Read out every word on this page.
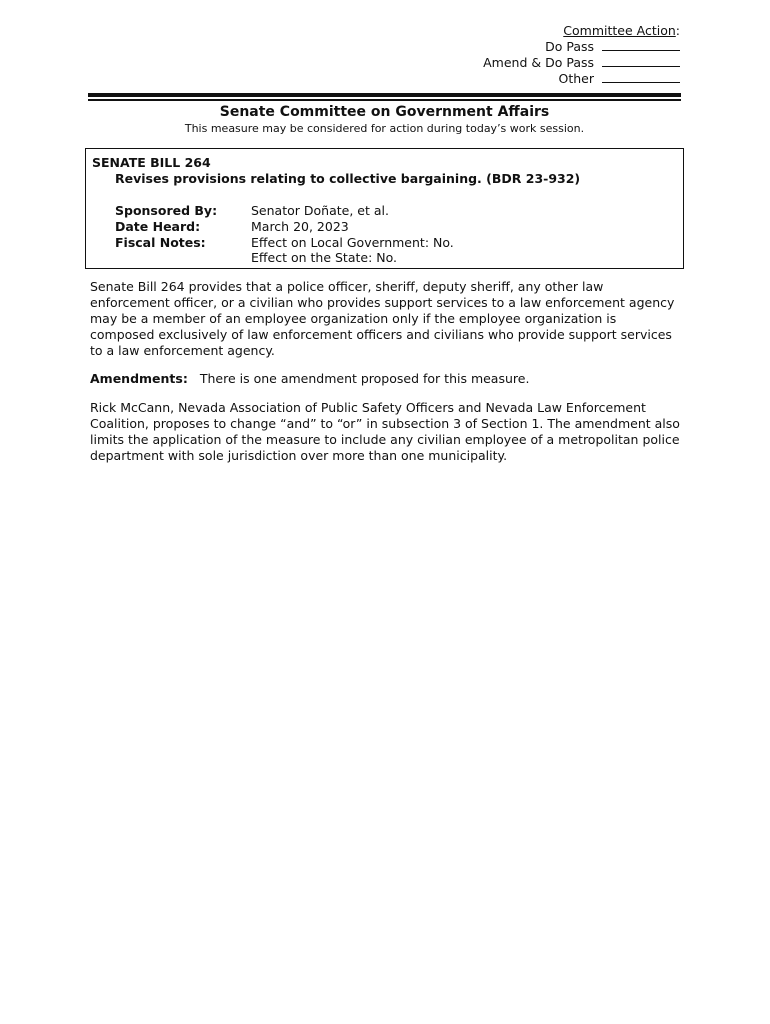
Committee Action:
Do Pass
Amend & Do Pass
Other
Senate Committee on Government Affairs
This measure may be considered for action during today’s work session.
SENATE BILL 264
Revises provisions relating to collective bargaining. (BDR 23-932)
Sponsored By:	Senator Doñate, et al.
Date Heard:	March 20, 2023
Fiscal Notes:	Effect on Local Government: No.
Effect on the State: No.
Senate Bill 264 provides that a police officer, sheriff, deputy sheriff, any other law enforcement officer, or a civilian who provides support services to a law enforcement agency may be a member of an employee organization only if the employee organization is composed exclusively of law enforcement officers and civilians who provide support services to a law enforcement agency.
Amendments: There is one amendment proposed for this measure.
Rick McCann, Nevada Association of Public Safety Officers and Nevada Law Enforcement Coalition, proposes to change “and” to “or” in subsection 3 of Section 1. The amendment also limits the application of the measure to include any civilian employee of a metropolitan police department with sole jurisdiction over more than one municipality.
